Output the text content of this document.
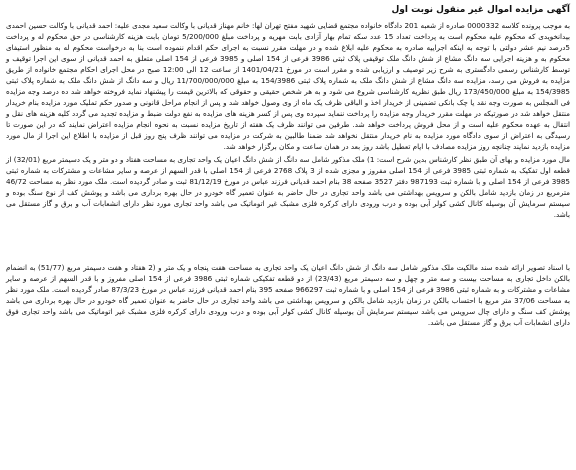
آگهی مزایده اموال غیر منقول نوبت اول

به موجب پرونده کلاسه 0000332 صادره از شعبه 201 دادگاه خانواده مجتمع قضایی شهید مفتح تهران لها: خانم مهناز قدیانی با وکالت سعید مجدی علیه: احمد قدیانی با وکالت حسین احمدی بیدانخویدی که محکوم علیه محکوم است به پرداخت تعداد 15 عدد سکه تمام بهار آزادی بابت مهریه و پرداخت مبلغ 5/200/000 تومان بابت هزینه کارشناسی در حق محکوم له و پرداخت 5درصد نیم عشر دولتی با توجه به اینکه اجراییه صادره به محکوم علیه ابلاغ شده و در مهلت مقرر نسبت به اجرای حکم اقدام ننموده است بنا به درخواست محکوم له به منظور استیفای محکوم به و هزینه اجرایی سه دانگ مشاع از شش دانگ ملک توقیفی پلاک ثبتی 3986 فرعی از 154 اصلی و 3985 فرعی از 154 اصلی متعلق به احمد قدیانی از سوی این اجرا توقیف و توسط کارشناس رسمی دادگستری به شرح زیر توصیف و ارزیابی شده و مقرر است در مورخ 1401/04/21 از ساعت 12 الی 12:00 صبح در محل اجرای احکام مجتمع خانواده از طریق مزایده به فروش می رسد، مزایده سه دانگ مشاع از شش دانگ ملک به شماره پلاک ثبتی 154/3986 به مبلغ 11/700/000/000 ریال و سه دانگ از شش دانگ ملک به شماره پلاک ثبتی 154/3985 به مبلغ 173/450/000 ریال طبق نظریه کارشناسی شروع می شود و به هر شخص حقیقی و حقوقی که بالاترین قیمت را پیشنهاد نماید فروخته خواهد شد ده درصد وجه مزایده فی المجلس به صورت وجه نقد یا چک بانکی تضمینی از خریدار اخذ و الباقی ظرف یک ماه از وی وصول خواهد شد و پس از انجام مراحل قانونی و صدور حکم تملیک مورد مزایده بنام خریدار منتقل خواهد شد در صورتیکه در مهلت مقرر خریدار وجه مزایده را پرداخت ننماید سپرده وی پس از کسر هزینه های مزایده به نفع دولت ضبط و مزایده تجدید می گردد کلیه هزینه های نقل و انتقال به عهده محکوم علیه است و از محل فروش پرداخت خواهد شد. طرفین می توانند ظرف یک هفته از تاریخ مزایده نسبت به نحوه انجام مزایده اعتراض نمایند که در این صورت تا رسیدگی به اعتراض از سوی دادگاه مورد مزایده به نام خریدار منتقل نخواهد شد ضمنا طالبین به شرکت در مزایده می توانند ظرف پنج روز قبل از مزایده با اطلاع این اجرا از مال مورد مزایده بازدید نمایند چنانچه روز مزایده مصادف با ایام تعطیل باشد روز بعد در همان ساعت و مکان برگزار خواهد شد.

مال مورد مزایده و بهای آن طبق نظر کارشناس بدین شرح است: 1) ملک مذکور شامل سه دانگ از شش دانگ اعیان یک واحد تجاری به مساحت هفتاد و دو متر و یک دسیمتر مربع (32/01) از قطعه اول تفکیک به شماره ثبتی 3985 فرعی از 154 اصلی مفروز و مجزی شده از 3 پلاک 2768 فرعی از 154 اصلی با قدر السهم از عرصه و سایر مشاعات و مشترکات به شماره ثبتی 3985 فرعی از 154 اصلی و با شماره ثبت 987193 دفتر 3527 صفحه 38 بنام احمد قدیانی فرزند عباس در مورخ 81/12/19 ثبت و صادر گردیده است. ملک مورد نظر به مساحت 46/72 مترمربع در زمان بازدید شامل بالکن و سرویس بهداشتی می باشد واحد تجاری در حال حاضر به عنوان تعمیر گاه خودرو در حال بهره برداری می باشد و پوشش کف از نوع سنگ بوده و سیستم سرمایش آن بوسیله کانال کشی کولر آبی بوده و درب ورودی دارای کرکره فلزی مشبک غیر اتوماتیک می باشد واحد تجاری مورد نظر دارای انشعابات آب و برق و گاز مستقل می باشد.

با اسناد تصویر ارائه شده سند مالکیت ملک مذکور شامل سه دانگ از شش دانگ اعیان یک واحد تجاری به مساحت هفت پنجاه و یک متر و (2 هفتاد و هفت دسیمتر مربع (51/77) به انضمام بالکن داخل تجاری به مساحت بیست و سه متر و چهل و سه دسیمتر مربع (23/43) از دو قطعه تفکیکی شماره ثبتی 3986 فرعی از 154 اصلی مفروز و با قدر السهم از عرصه و سایر مشاعات و مشترکات و به شماره ثبتی 3986 فرعی از 154 اصلی و با شماره ثبت 966297 صفحه 395 بنام احمد قدیانی فرزند عباس در مورخ 87/3/23 صادر گردیده است. ملک مورد نظر به مساحت 37/06 متر مربع با احتساب بالکن در زمان بازدید شامل بالکن و سرویس بهداشتی می باشد واحد تجاری در حال حاضر به عنوان تعمیر گاه خودرو در حال بهره برداری می باشد پوشش کف سنگ و دارای چال سرویس می باشد سیستم سرمایش آن بوسیله کانال کشی کولر آبی بوده و درب ورودی دارای کرکره فلزی مشبک غیر اتوماتیک می باشد واحد تجاری فوق دارای انشعابات آب برق و گاز مستقل می باشد.
